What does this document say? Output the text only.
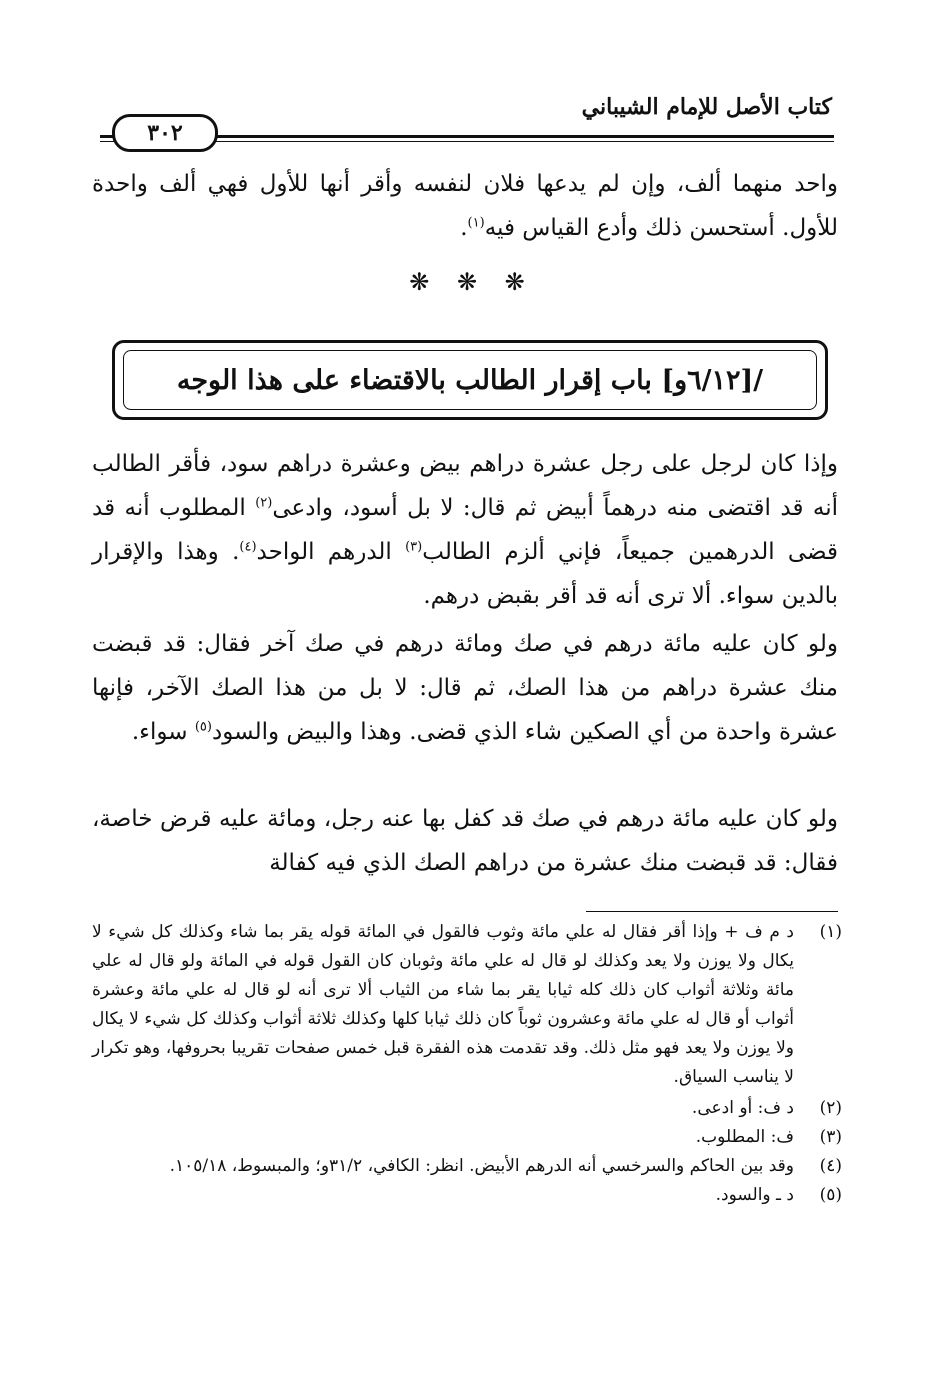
كتاب الأصل للإمام الشيباني
٣٠٢

واحد منهما ألف، وإن لم يدعها فلان لنفسه وأقر أنها للأول فهي ألف واحدة للأول. أستحسن ذلك وأدع القياس فيه$^{(١)}$.

❋ ❋ ❋
/[٦/١٢و] باب إقرار الطالب بالاقتضاء على هذا الوجه

وإذا كان لرجل على رجل عشرة دراهم بيض وعشرة دراهم سود، فأقر الطالب أنه قد اقتضى منه درهماً أبيض ثم قال: لا بل أسود، وادعى$^{(٢)}$ المطلوب أنه قد قضى الدرهمين جميعاً، فإني ألزم الطالب$^{(٣)}$ الدرهم الواحد$^{(٤)}$. وهذا والإقرار بالدين سواء. ألا ترى أنه قد أقر بقبض درهم.

ولو كان عليه مائة درهم في صك ومائة درهم في صك آخر فقال: قد قبضت منك عشرة دراهم من هذا الصك، ثم قال: لا بل من هذا الصك الآخر، فإنها عشرة واحدة من أي الصكين شاء الذي قضى. وهذا والبيض والسود$^{(٥)}$ سواء.

ولو كان عليه مائة درهم في صك قد كفل بها عنه رجل، ومائة عليه قرض خاصة، فقال: قد قبضت منك عشرة من دراهم الصك الذي فيه كفالة

(١)
د م ف + وإذا أقر فقال له علي مائة وثوب فالقول في المائة قوله يقر بما شاء وكذلك كل شيء لا يكال ولا يوزن ولا يعد وكذلك لو قال له علي مائة وثوبان كان القول قوله في المائة ولو قال له علي مائة وثلاثة أثواب كان ذلك كله ثيابا يقر بما شاء من الثياب ألا ترى أنه لو قال له علي مائة وعشرة أثواب أو قال له علي مائة وعشرون ثوباً كان ذلك ثيابا كلها وكذلك ثلاثة أثواب وكذلك كل شيء لا يكال ولا يوزن ولا يعد فهو مثل ذلك. وقد تقدمت هذه الفقرة قبل خمس صفحات تقريبا بحروفها، وهو تكرار لا يناسب السياق.
(٢)
د ف: أو ادعى.
(٣)
ف: المطلوب.
(٤)
وقد بين الحاكم والسرخسي أنه الدرهم الأبيض. انظر: الكافي، ٣١/٢و؛ والمبسوط، ١٠٥/١٨.
(٥)
د ـ والسود.
